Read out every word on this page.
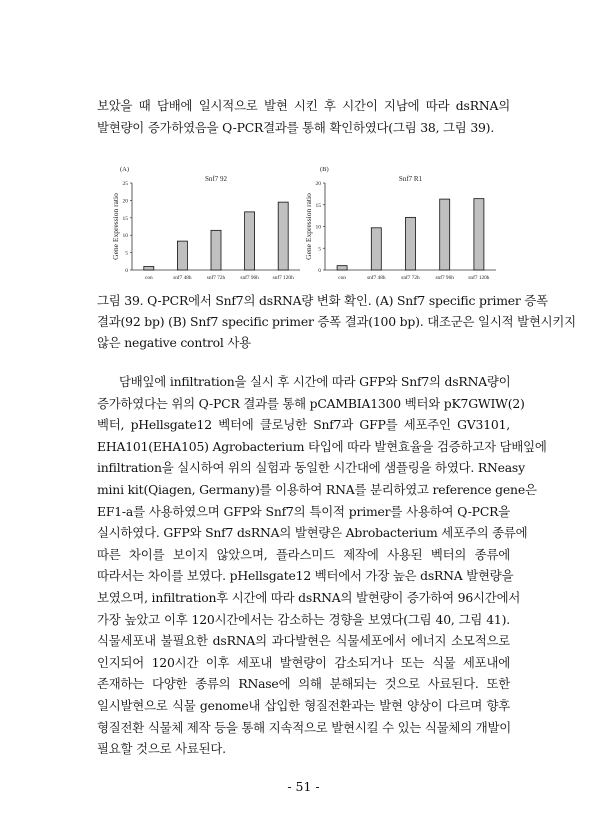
보았을 때 담배에 일시적으로 발현 시킨 후 시간이 지남에 따라 dsRNA의
발현량이 증가하였음을 Q-PCR결과를 통해 확인하였다(그림 38, 그림 39).
(A)
Snf7 92
Gene Expression ratio
0
5
10
15
20
25
con	snf7 48h	snf7 72h	snf7 96h	snf7 120h
(B)
Snf7 R1
Gene Expression ratio
0
5
10
15
20
con	snf7 48h	snf7 72h	snf7 96h	snf7 120h
그림 39. Q-PCR에서 Snf7의 dsRNA량 변화 확인. (A) Snf7 specific primer 증폭
결과(92 bp) (B) Snf7 specific primer 증폭 결과(100 bp). 대조군은 일시적 발현시키지
않은 negative control 사용
담배잎에 infiltration을 실시 후 시간에 따라 GFP와 Snf7의 dsRNA량이
증가하였다는 위의 Q-PCR 결과를 통해 pCAMBIA1300 벡터와 pK7GWIW(2)
벡터, pHellsgate12 벡터에 클로닝한 Snf7과 GFP를 세포주인 GV3101,
EHA101(EHA105) Agrobacterium 타입에 따라 발현효율을 검증하고자 담배잎에
infiltration을 실시하여 위의 실험과 동일한 시간대에 샘플링을 하였다. RNeasy
mini kit(Qiagen, Germany)를 이용하여 RNA를 분리하였고 reference gene은
EF1-a를 사용하였으며 GFP와 Snf7의 특이적 primer를 사용하여 Q-PCR을
실시하였다. GFP와 Snf7 dsRNA의 발현량은 Abrobacterium 세포주의 종류에
따른 차이를 보이지 않았으며, 플라스미드 제작에 사용된 벡터의 종류에
따라서는 차이를 보였다. pHellsgate12 벡터에서 가장 높은 dsRNA 발현량을
보였으며, infiltration후 시간에 따라 dsRNA의 발현량이 증가하여 96시간에서
가장 높았고 이후 120시간에서는 감소하는 경향을 보였다(그림 40, 그림 41).
식물세포내 불필요한 dsRNA의 과다발현은 식물세포에서 에너지 소모적으로
인지되어 120시간 이후 세포내 발현량이 감소되거나 또는 식물 세포내에
존재하는 다양한 종류의 RNase에 의해 분해되는 것으로 사료된다. 또한
일시발현으로 식물 genome내 삽입한 형질전환과는 발현 양상이 다르며 향후
형질전환 식물체 제작 등을 통해 지속적으로 발현시킬 수 있는 식물체의 개발이
필요할 것으로 사료된다.
- 51 -
